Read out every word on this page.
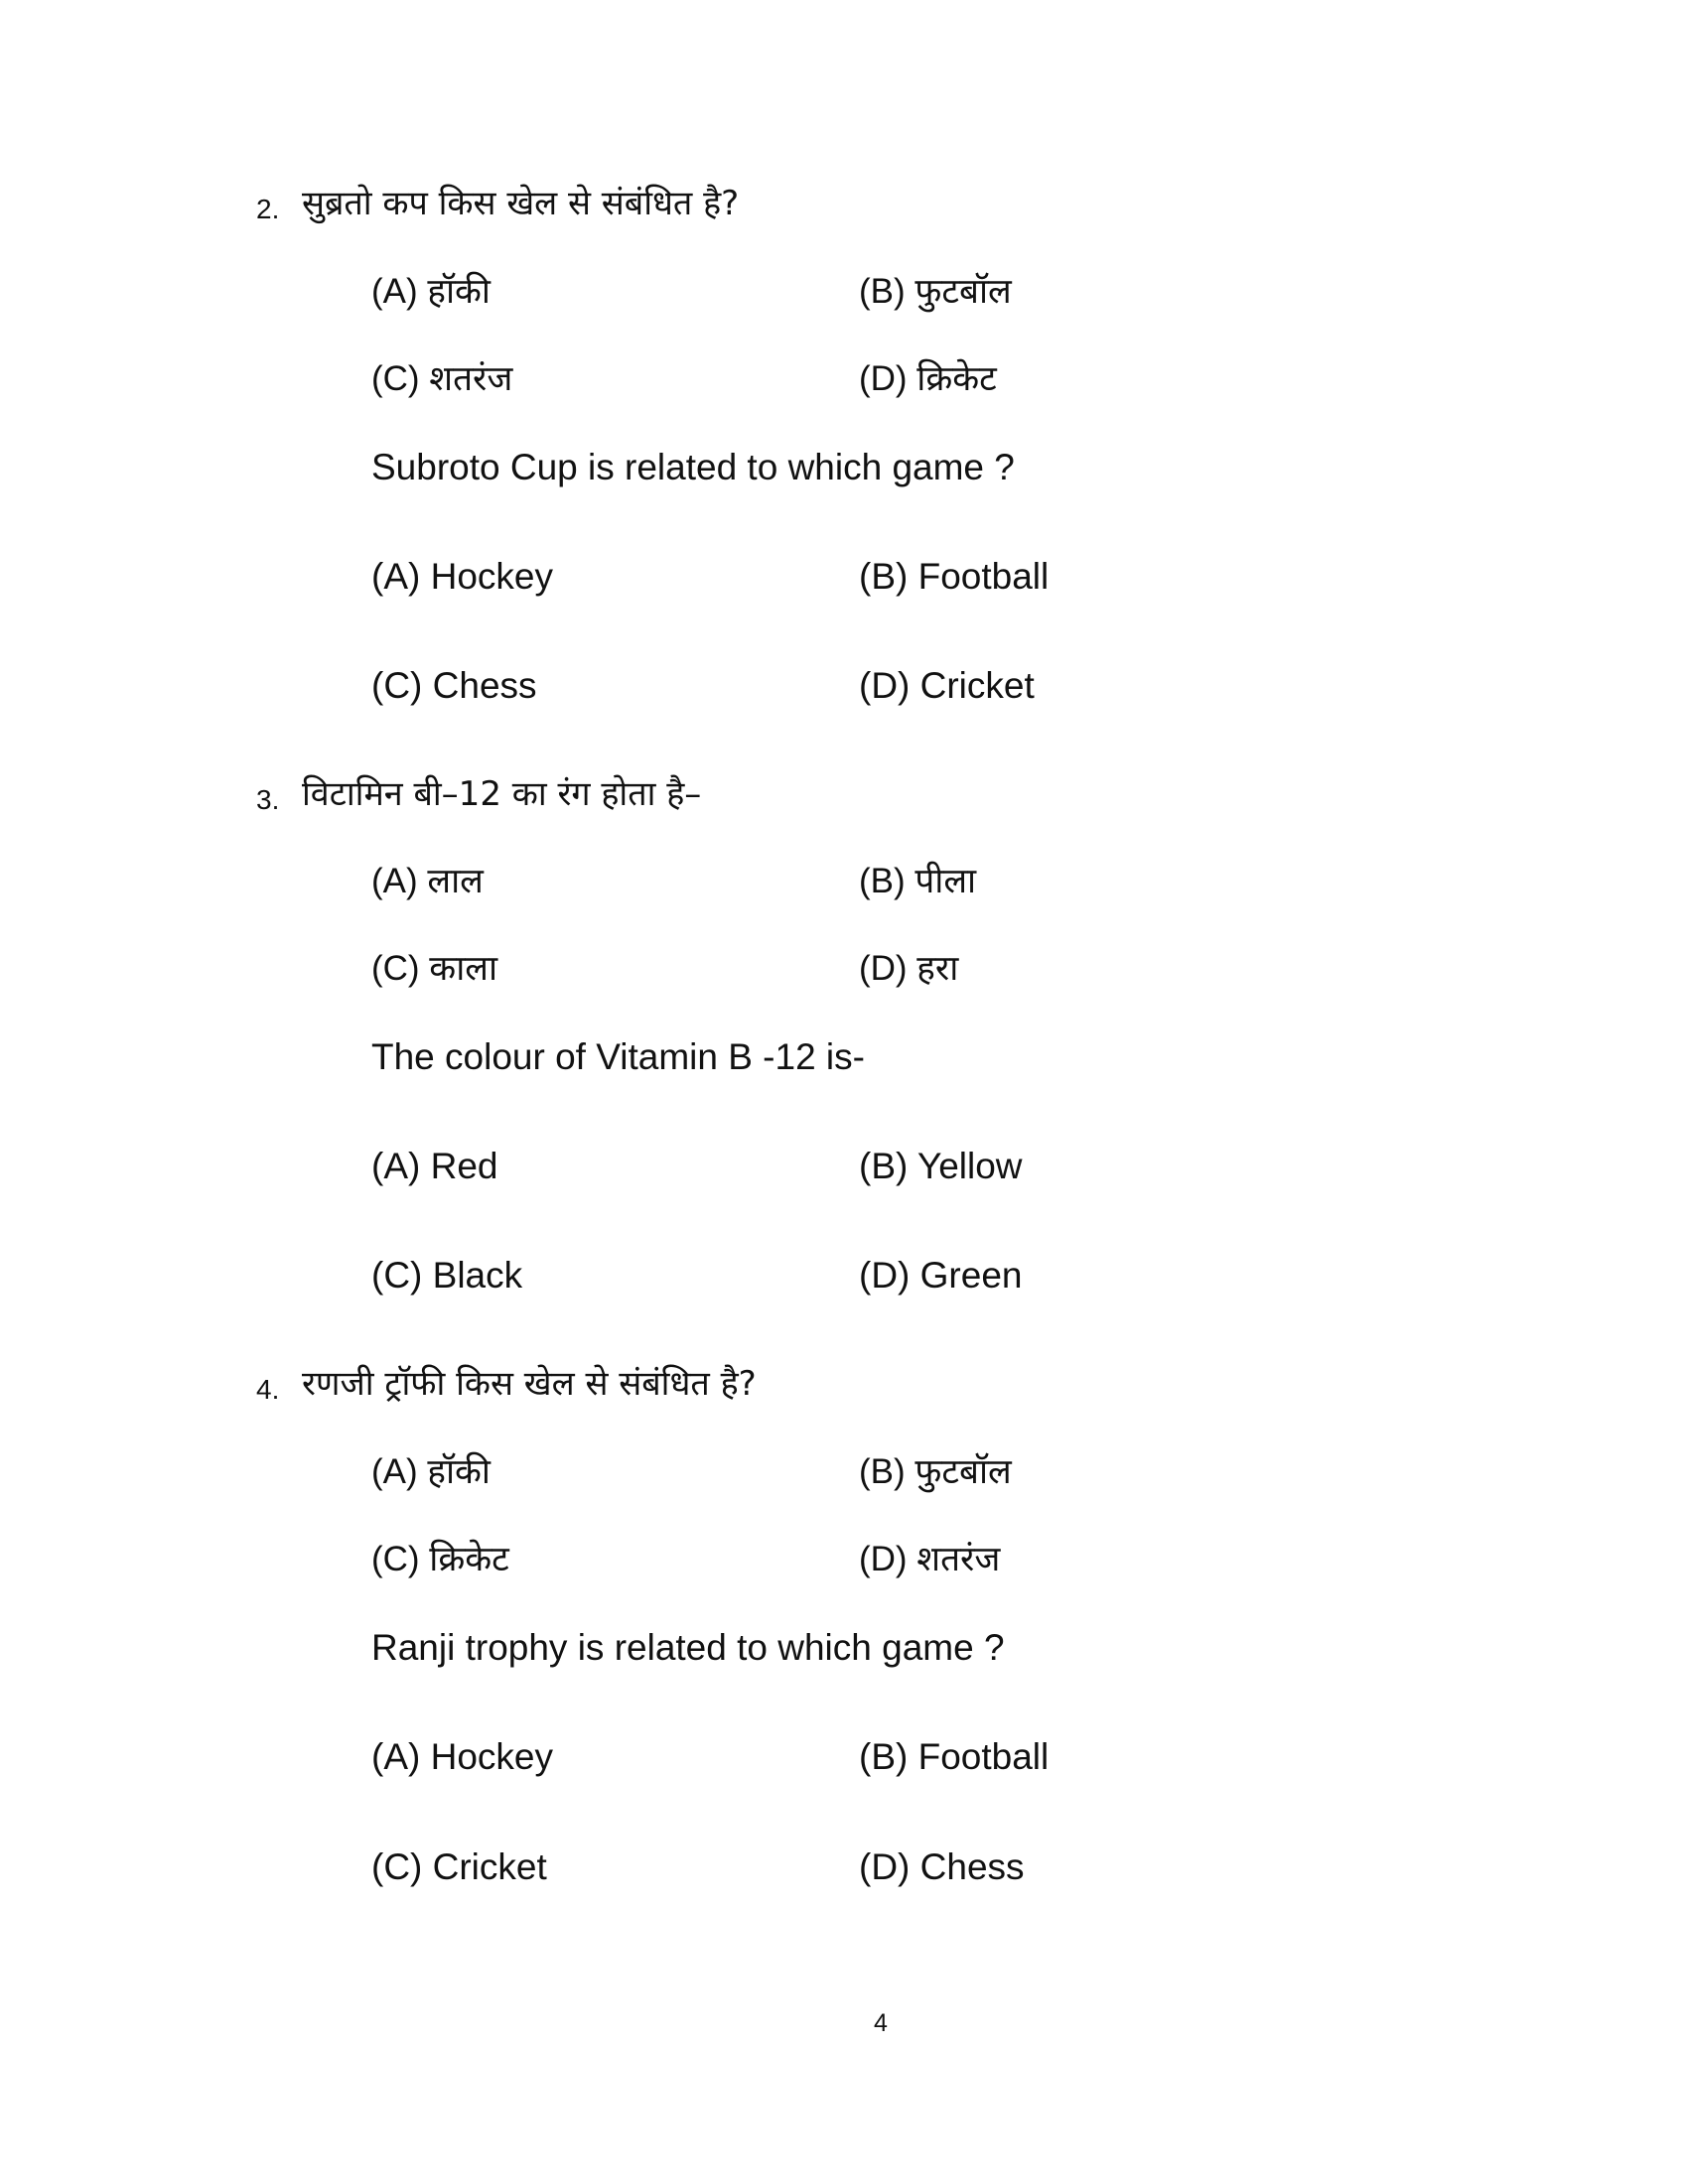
2. सुब्रतो कप किस खेल से संबंधित है?
(A) हॉकी	(B) फुटबॉल
(C) शतरंज	(D) क्रिकेट
Subroto Cup is related to which game ?
(A) Hockey	(B) Football
(C) Chess	(D) Cricket
3. विटामिन बी–12 का रंग होता है–
(A) लाल	(B) पीला
(C) काला	(D) हरा
The colour of Vitamin B -12 is-
(A) Red	(B) Yellow
(C) Black	(D) Green
4. रणजी ट्रॉफी किस खेल से संबंधित है?
(A) हॉकी	(B) फुटबॉल
(C) क्रिकेट	(D) शतरंज
Ranji trophy is related to which game ?
(A) Hockey	(B) Football
(C) Cricket	(D) Chess
4
